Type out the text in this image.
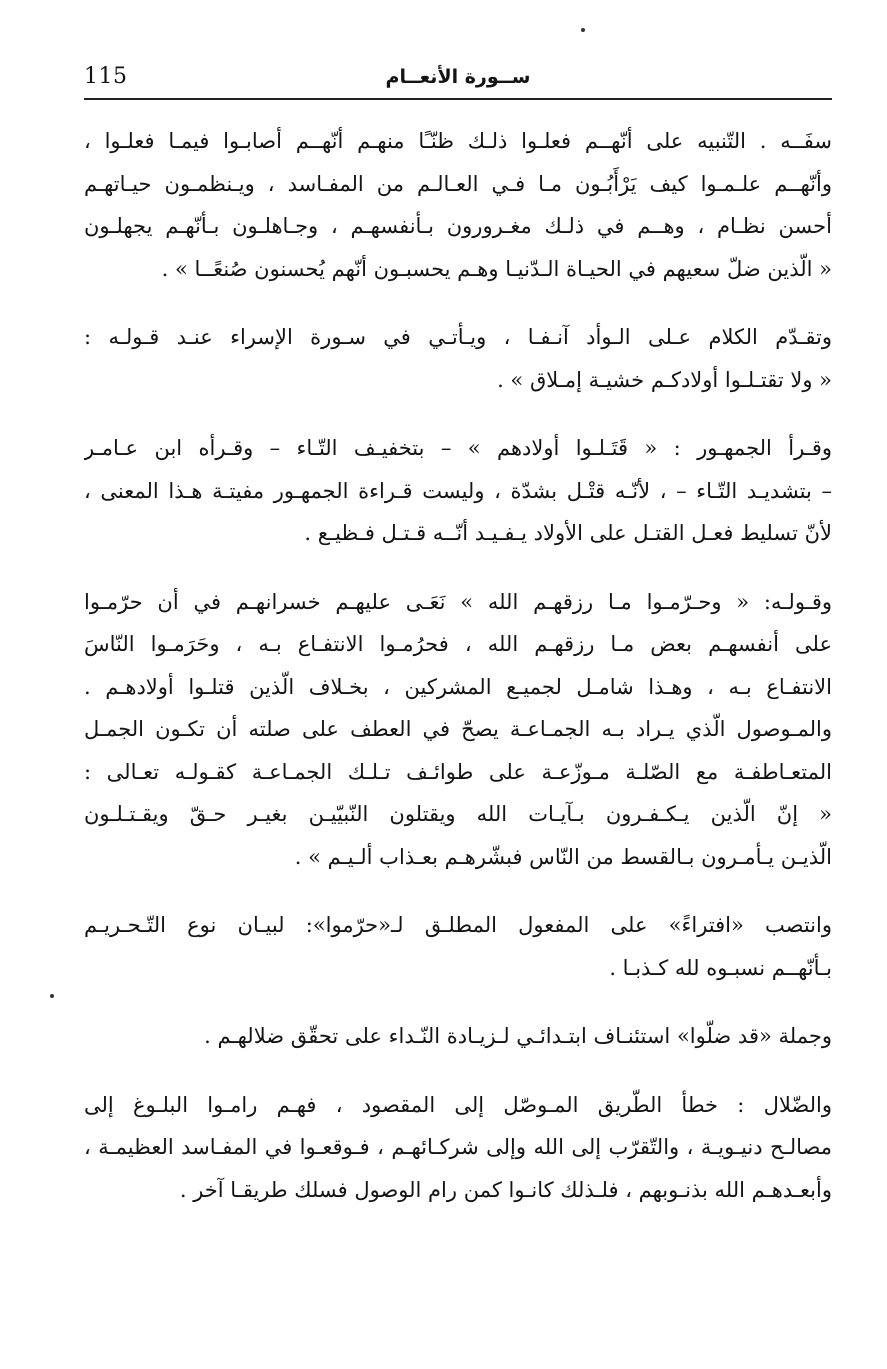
115	ســورة الأنعــام
سفَــه . التّنبيه على أنّهــم فعلـوا ذلـك ظنّـًا منهـم أنّهــم أصابـوا فيمـا فعلـوا ،
وأنّهــم علـمـوا كيف يَرْأَبُـون مـا فـي العـالـم من المفـاسد ، ويـنظمـون حيـاتهـم
أحسن نظـام ، وهــم في ذلـك مغـرورون بـأنفسهـم ، وجـاهلـون بـأنّهـم يجهلـون
« الّذين ضلّ سعيهم في الحيـاة الـدّنيـا وهـم يحسبـون أنّهم يُحسنون صُنعًــا » .
وتقـدّم الكلام عـلى الـوأد آنـفـا ، ويـأتـي في سـورة الإسراء عنـد قـولـه :
« ولا تقتـلـوا أولادكـم خشيـة إمـلاق » .
وقـرأ الجمهـور : « قَتَـلـوا أولادهم » – بتخفيـف التّـاء – وقـرأه ابن عـامـر
– بتشديـد التّـاء – ، لأنّـه قتْـل بشدّة ، وليست قـراءة الجمهـور مفيتـة هـذا المعنى ،
لأنّ تسليط فعـل القتـل على الأولاد يـفـيـد أنّــه قـتـل فـظيـع .
وقـولـه: « وحـرّمـوا مـا رزقهـم الله » نَعَـى عليهـم خسرانهـم في أن حرّمـوا
على أنفسهـم بعض مـا رزقهـم الله ، فحرُمـوا الانتفـاع بـه ، وحَرَمـوا النّاسَ
الانتفـاع بـه ، وهـذا شامـل لجميـع المشركين ، بخـلاف الّذين قتلـوا أولادهـم .
والمـوصول الّذي يـراد بـه الجمـاعـة يصحّ في العطف على صلته أن تكـون الجمـل
المتعـاطفـة مع الصّلـة مـوزّعـة على طوائـف تـلـك الجمـاعـة كقـولـه تعـالى :
« إنّ الّذين يـكـفـرون بـآيـات الله ويقتلون النّبيّيـن بغيـر حـقّ ويقـتـلـون
الّذيـن يـأمـرون بـالقسط من النّاس فبشّرهـم بعـذاب ألـيـم » .
وانتصب «افتراءً» على المفعول المطلـق لـ«حرّموا»: لبيـان نوع التّـحـريـم
بـأنّهــم نسبـوه لله كـذبـا .
وجملة «قد ضلّوا» استئنـاف ابتـدائـي لـزيـادة النّـداء على تحقّق ضلالهـم .
والضّلال : خطأ الطّريق المـوصّل إلى المقصود ، فهـم رامـوا البلـوغ إلى
مصالـح دنيـويـة ، والتّقرّب إلى الله وإلى شركـائهـم ، فـوقعـوا في المفـاسد العظيمـة ،
وأبعـدهـم الله بذنـوبهم ، فلـذلك كانـوا كمن رام الوصول فسلك طريقـا آخر .
